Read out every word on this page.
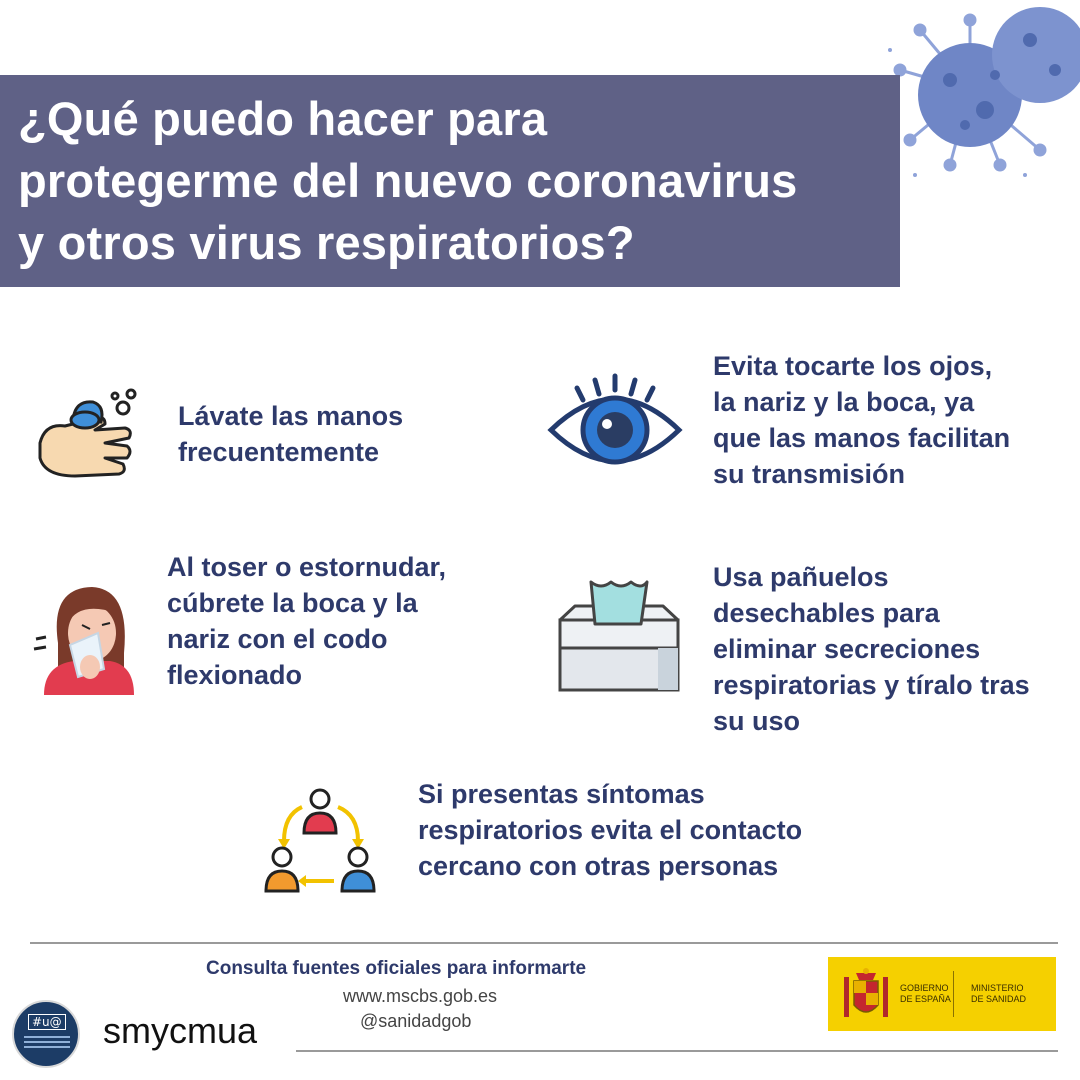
¿Qué puedo hacer para
protegerme del nuevo coronavirus
y otros virus respiratorios?

Lávate las manos
frecuentemente

Evita tocarte los ojos,
la nariz y la boca, ya
que las manos facilitan
su transmisión

Al toser o estornudar,
cúbrete la boca y la
nariz con el codo
flexionado

Usa pañuelos
desechables para
eliminar secreciones
respiratorias y tíralo tras
su uso

Si presentas síntomas
respiratorios evita el contacto
cercano con otras personas

Consulta fuentes oficiales para informarte
www.mscbs.gob.es
@sanidadgob
GOBIERNO
DE ESPAÑA
MINISTERIO
DE SANIDAD
#u@ smycmua
